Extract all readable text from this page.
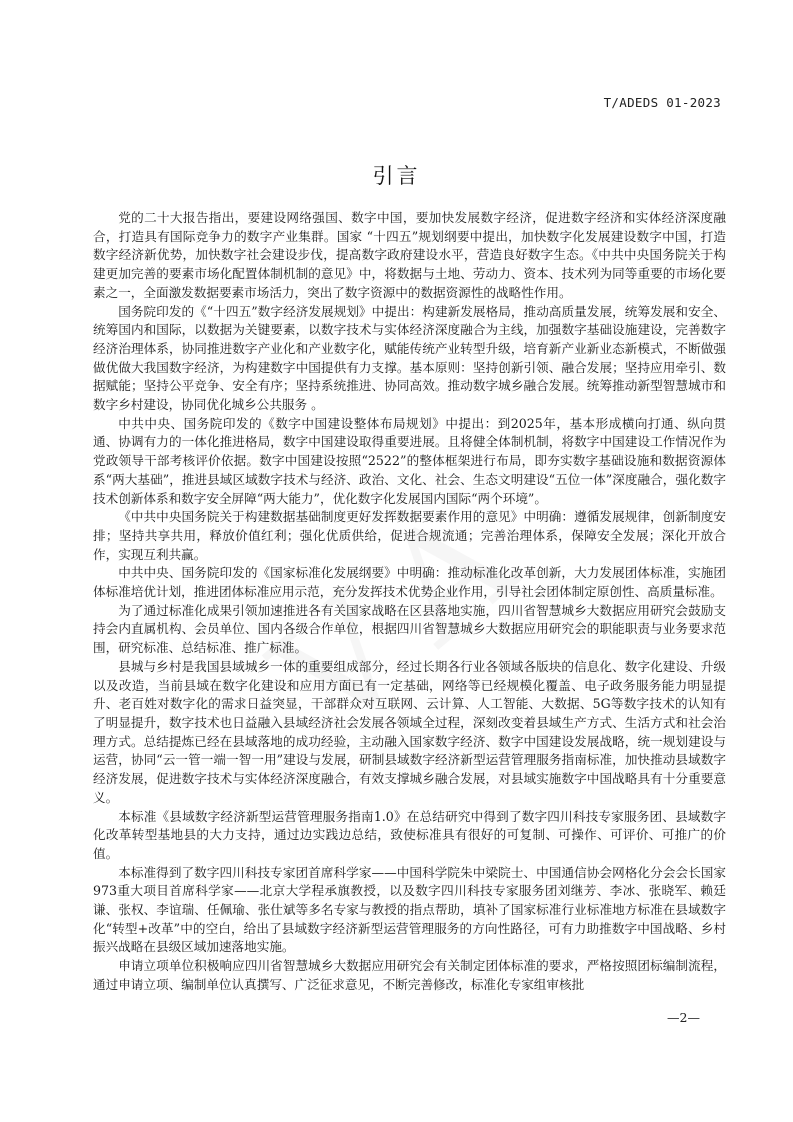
T/ADEDS 01-2023
引言

党的二十大报告指出，要建设网络强国、数字中国，要加快发展数字经济，促进数字经济和实体经济深度融合，打造具有国际竞争力的数字产业集群。国家 “十四五”规划纲要中提出，加快数字化发展建设数字中国，打造数字经济新优势，加快数字社会建设步伐，提高数字政府建设水平，营造良好数字生态。《中共中央国务院关于构建更加完善的要素市场化配置体制机制的意见》中，将数据与土地、劳动力、资本、技术列为同等重要的市场化要素之一，全面激发数据要素市场活力，突出了数字资源中的数据资源性的战略性作用。

国务院印发的《“十四五”数字经济发展规划》中提出：构建新发展格局，推动高质量发展，统筹发展和安全、统筹国内和国际，以数据为关键要素，以数字技术与实体经济深度融合为主线，加强数字基础设施建设，完善数字经济治理体系，协同推进数字产业化和产业数字化，赋能传统产业转型升级，培育新产业新业态新模式，不断做强做优做大我国数字经济，为构建数字中国提供有力支撑。基本原则：坚持创新引领、融合发展；坚持应用牵引、数据赋能；坚持公平竞争、安全有序；坚持系统推进、协同高效。推动数字城乡融合发展。统筹推动新型智慧城市和数字乡村建设，协同优化城乡公共服务 。

中共中央、国务院印发的《数字中国建设整体布局规划》中提出：到2025年，基本形成横向打通、纵向贯通、协调有力的一体化推进格局，数字中国建设取得重要进展。且将健全体制机制，将数字中国建设工作情况作为党政领导干部考核评价依据。数字中国建设按照“2522”的整体框架进行布局，即夯实数字基础设施和数据资源体系“两大基础”，推进县域区域数字技术与经济、政治、文化、社会、生态文明建设“五位一体”深度融合，强化数字技术创新体系和数字安全屏障“两大能力”，优化数字化发展国内国际“两个环境”。

《中共中央国务院关于构建数据基础制度更好发挥数据要素作用的意见》中明确：遵循发展规律，创新制度安排；坚持共享共用，释放价值红利；强化优质供给，促进合规流通；完善治理体系，保障安全发展；深化开放合作，实现互利共赢。

中共中央、国务院印发的《国家标准化发展纲要》中明确：推动标准化改革创新，大力发展团体标准，实施团体标准培优计划，推进团体标准应用示范，充分发挥技术优势企业作用，引导社会团体制定原创性、高质量标准。

为了通过标准化成果引领加速推进各有关国家战略在区县落地实施，四川省智慧城乡大数据应用研究会鼓励支持会内直属机构、会员单位、国内各级合作单位，根据四川省智慧城乡大数据应用研究会的职能职责与业务要求范围，研究标准、总结标准、推广标准。

县城与乡村是我国县域城乡一体的重要组成部分，经过长期各行业各领域各版块的信息化、数字化建设、升级以及改造，当前县域在数字化建设和应用方面已有一定基础，网络等已经规模化覆盖、电子政务服务能力明显提升、老百姓对数字化的需求日益突显，干部群众对互联网、云计算、人工智能、大数据、5G等数字技术的认知有了明显提升，数字技术也日益融入县域经济社会发展各领域全过程，深刻改变着县域生产方式、生活方式和社会治理方式。总结提炼已经在县域落地的成功经验，主动融入国家数字经济、数字中国建设发展战略，统一规划建设与运营，协同“云一管一端一智一用”建设与发展，研制县域数字经济新型运营管理服务指南标准，加快推动县域数字经济发展，促进数字技术与实体经济深度融合，有效支撑城乡融合发展，对县域实施数字中国战略具有十分重要意义。

本标准《县域数字经济新型运营管理服务指南1.0》在总结研究中得到了数字四川科技专家服务团、县域数字化改革转型基地县的大力支持，通过边实践边总结，致使标准具有很好的可复制、可操作、可评价、可推广的价值。

本标准得到了数字四川科技专家团首席科学家——中国科学院朱中梁院士、中国通信协会网格化分会会长国家973重大项目首席科学家——北京大学程承旗教授，以及数字四川科技专家服务团刘继芳、李冰、张晓军、赖廷谦、张权、李谊瑞、任佩瑜、张仕斌等多名专家与教授的指点帮助，填补了国家标准行业标准地方标准在县域数字化“转型+改革”中的空白，给出了县域数字经济新型运营管理服务的方向性路径，可有力助推数字中国战略、乡村振兴战略在县级区域加速落地实施。

申请立项单位积极响应四川省智慧城乡大数据应用研究会有关制定团体标准的要求，严格按照团标编制流程，通过申请立项、编制单位认真撰写、广泛征求意见，不断完善修改，标准化专家组审核批

—2—
